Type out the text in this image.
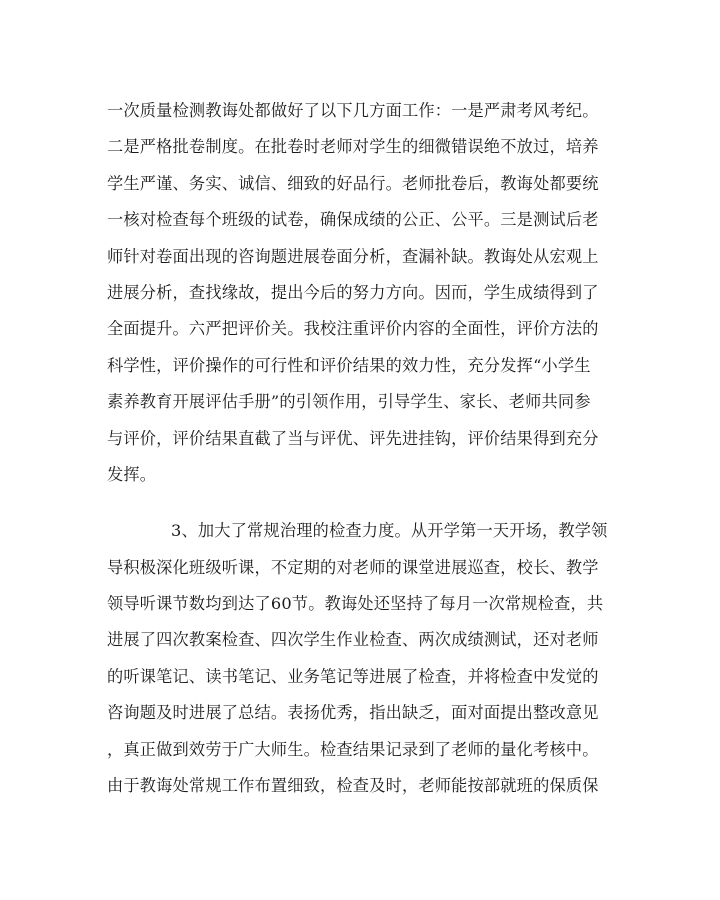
一次质量检测教诲处都做好了以下几方面工作：一是严肃考风考纪。
二是严格批卷制度。在批卷时老师对学生的细微错误绝不放过，培养
学生严谨、务实、诚信、细致的好品行。老师批卷后，教诲处都要统
一核对检查每个班级的试卷，确保成绩的公正、公平。三是测试后老
师针对卷面出现的咨询题进展卷面分析，查漏补缺。教诲处从宏观上
进展分析，查找缘故，提出今后的努力方向。因而，学生成绩得到了
全面提升。六严把评价关。我校注重评价内容的全面性，评价方法的
科学性，评价操作的可行性和评价结果的效力性，充分发挥“小学生
素养教育开展评估手册”的引领作用，引导学生、家长、老师共同参
与评价，评价结果直截了当与评优、评先进挂钩，评价结果得到充分
发挥。
3、加大了常规治理的检查力度。从开学第一天开场，教学领
导积极深化班级听课，不定期的对老师的课堂进展巡查，校长、教学
领导听课节数均到达了60节。教诲处还坚持了每月一次常规检查，共
进展了四次教案检查、四次学生作业检查、两次成绩测试，还对老师
的听课笔记、读书笔记、业务笔记等进展了检查，并将检查中发觉的
咨询题及时进展了总结。表扬优秀，指出缺乏，面对面提出整改意见
，真正做到效劳于广大师生。检查结果记录到了老师的量化考核中。
由于教诲处常规工作布置细致，检查及时，老师能按部就班的保质保
